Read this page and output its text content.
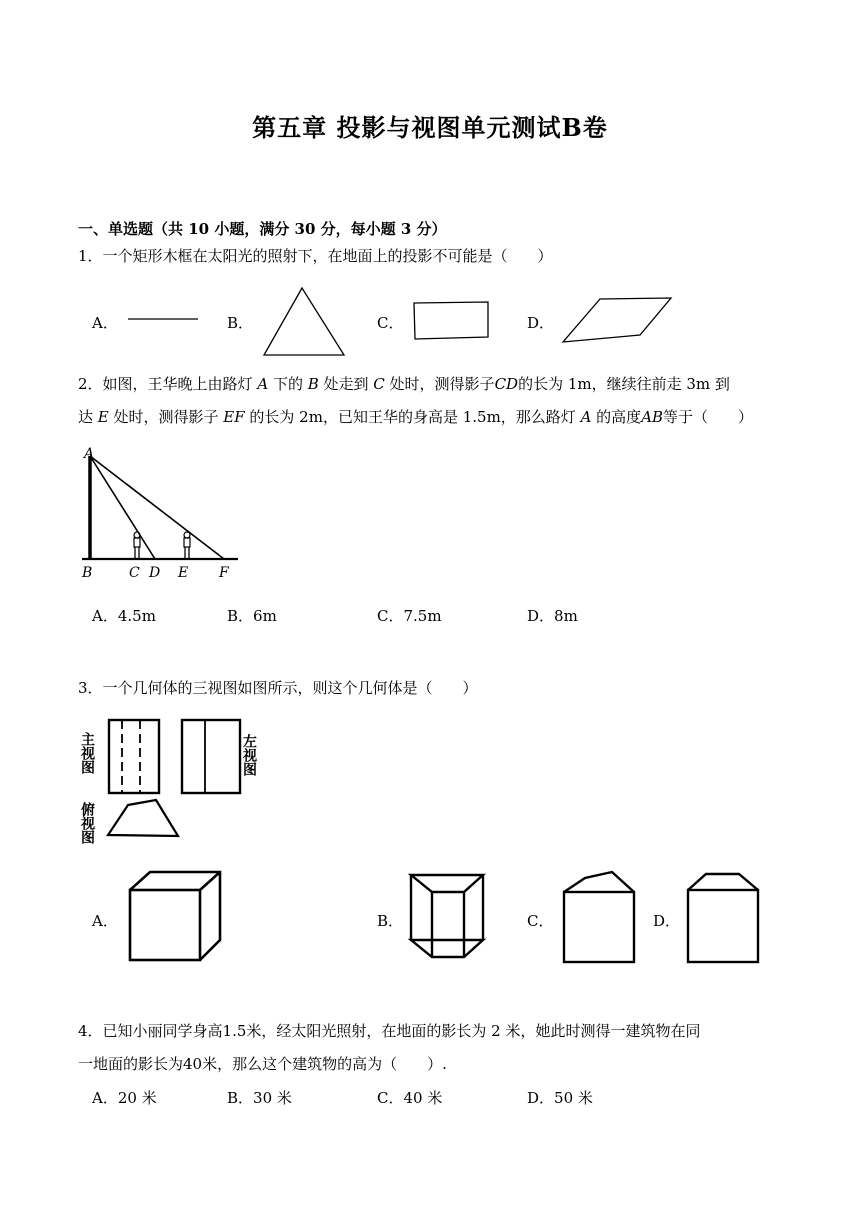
第五章 投影与视图单元测试B卷
一、单选题（共 10 小题，满分 30 分，每小题 3 分）
1．一个矩形木框在太阳光的照射下，在地面上的投影不可能是（　　）
A．	B．	C．	D．
2．如图，王华晚上由路灯 A 下的 B 处走到 C 处时，测得影子CD的长为 1m，继续往前走 3m 到
达 E 处时，测得影子 EF 的长为 2m，已知王华的身高是 1.5m，那么路灯 A 的高度AB等于（　　）
A
B	C D E F
A．4.5m	B．6m	C．7.5m	D．8m
3．一个几何体的三视图如图所示，则这个几何体是（　　）
主视图	左视图
俯视图
A．	B．	C．	D．
4．已知小丽同学身高1.5米，经太阳光照射，在地面的影长为 2 米，她此时测得一建筑物在同
一地面的影长为40米，那么这个建筑物的高为（　　）.
A．20 米	B．30 米	C．40 米	D．50 米
